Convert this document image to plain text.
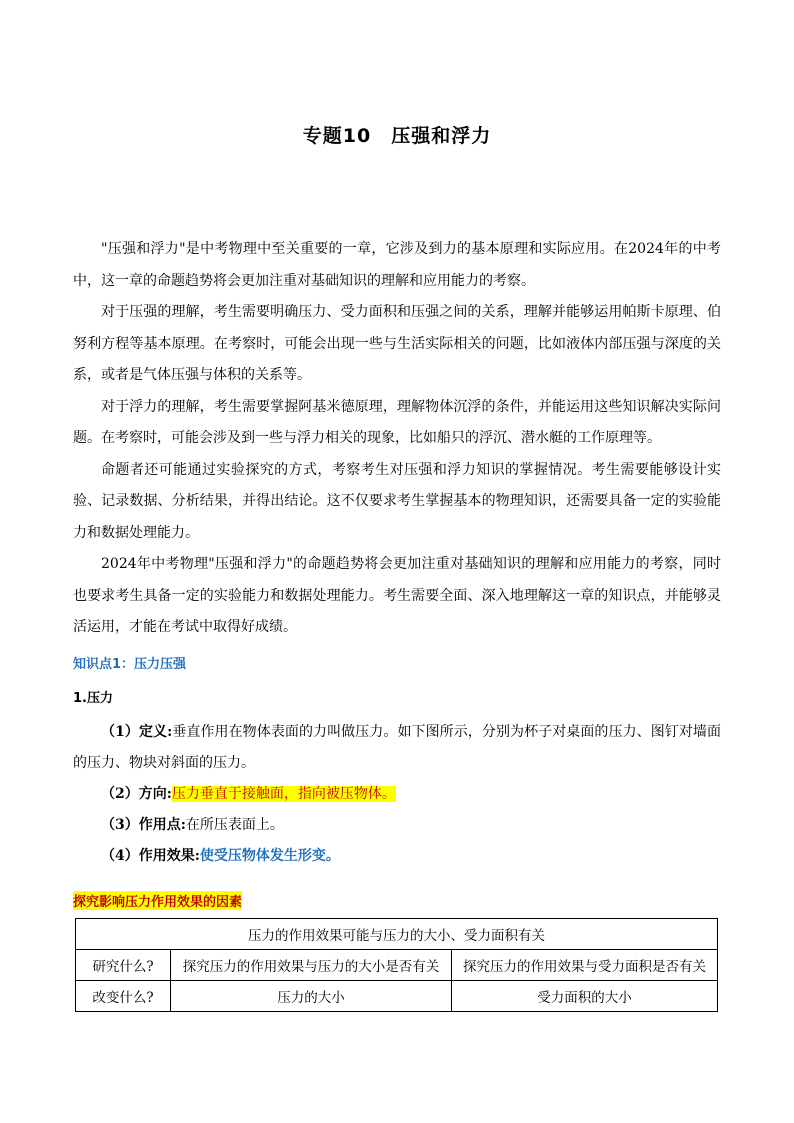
专题10　压强和浮力

"压强和浮力"是中考物理中至关重要的一章，它涉及到力的基本原理和实际应用。在2024年的中考中，这一章的命题趋势将会更加注重对基础知识的理解和应用能力的考察。

对于压强的理解，考生需要明确压力、受力面积和压强之间的关系，理解并能够运用帕斯卡原理、伯努利方程等基本原理。在考察时，可能会出现一些与生活实际相关的问题，比如液体内部压强与深度的关系，或者是气体压强与体积的关系等。

对于浮力的理解，考生需要掌握阿基米德原理，理解物体沉浮的条件，并能运用这些知识解决实际问题。在考察时，可能会涉及到一些与浮力相关的现象，比如船只的浮沉、潜水艇的工作原理等。

命题者还可能通过实验探究的方式，考察考生对压强和浮力知识的掌握情况。考生需要能够设计实验、记录数据、分析结果，并得出结论。这不仅要求考生掌握基本的物理知识，还需要具备一定的实验能力和数据处理能力。

2024年中考物理"压强和浮力"的命题趋势将会更加注重对基础知识的理解和应用能力的考察，同时也要求考生具备一定的实验能力和数据处理能力。考生需要全面、深入地理解这一章的知识点，并能够灵活运用，才能在考试中取得好成绩。

知识点1：压力压强
1.压力

（1）定义:垂直作用在物体表面的力叫做压力。如下图所示，分别为杯子对桌面的压力、图钉对墙面的压力、物块对斜面的压力。

（2）方向:压力垂直于接触面，指向被压物体。

（3）作用点:在所压表面上。

（4）作用效果:使受压物体发生形变。

探究影响压力作用效果的因素
压力的作用效果可能与压力的大小、受力面积有关		
研究什么?	探究压力的作用效果与压力的大小是否有关	探究压力的作用效果与受力面积是否有关
改变什么?	压力的大小	受力面积的大小
